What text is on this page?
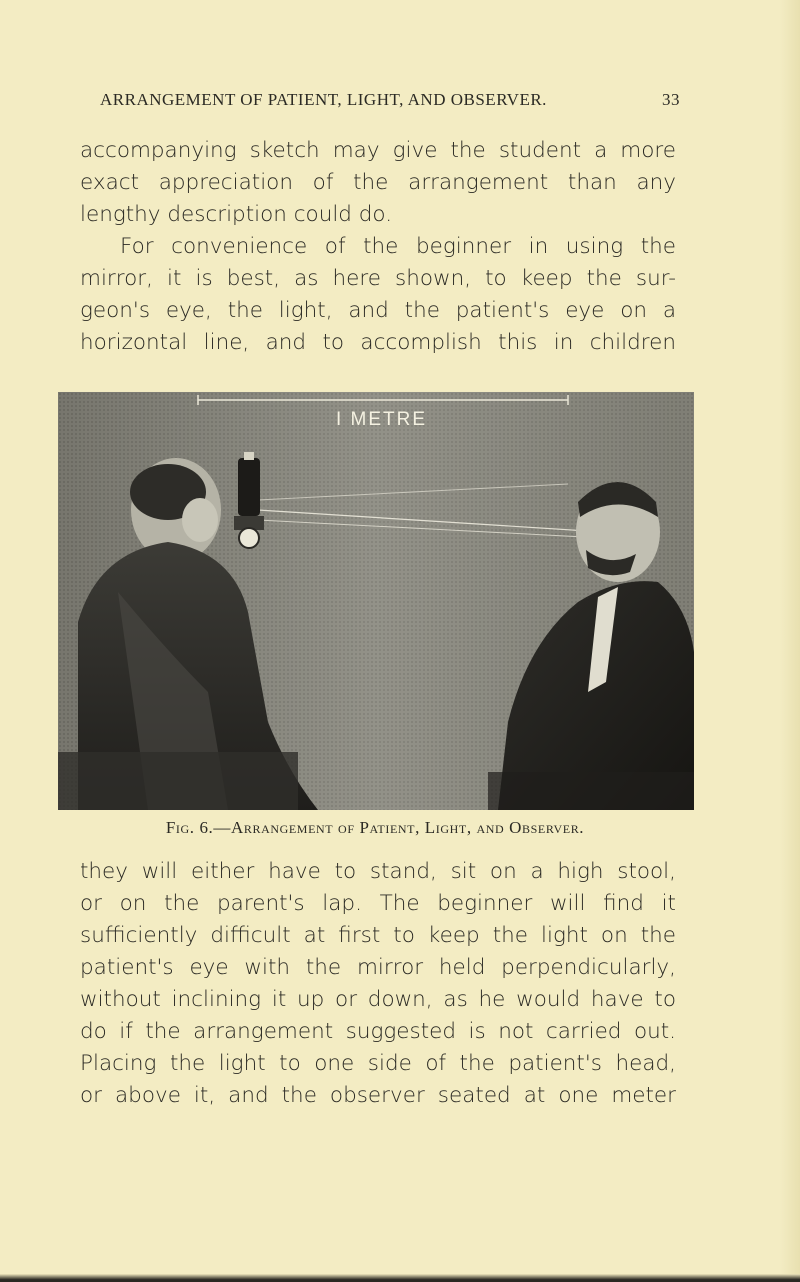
ARRANGEMENT OF PATIENT, LIGHT, AND OBSERVER.	33
accompanying sketch may give the student a more
exact appreciation of the arrangement than any
lengthy description could do.
For convenience of the beginner in using the
mirror, it is best, as here shown, to keep the sur-
geon's eye, the light, and the patient's eye on a
horizontal line, and to accomplish this in children
I METRE
Fig. 6.—Arrangement of Patient, Light, and Observer.
they will either have to stand, sit on a high stool,
or on the parent's lap. The beginner will find it
sufficiently difficult at first to keep the light on the
patient's eye with the mirror held perpendicularly,
without inclining it up or down, as he would have to
do if the arrangement suggested is not carried out.
Placing the light to one side of the patient's head,
or above it, and the observer seated at one meter
